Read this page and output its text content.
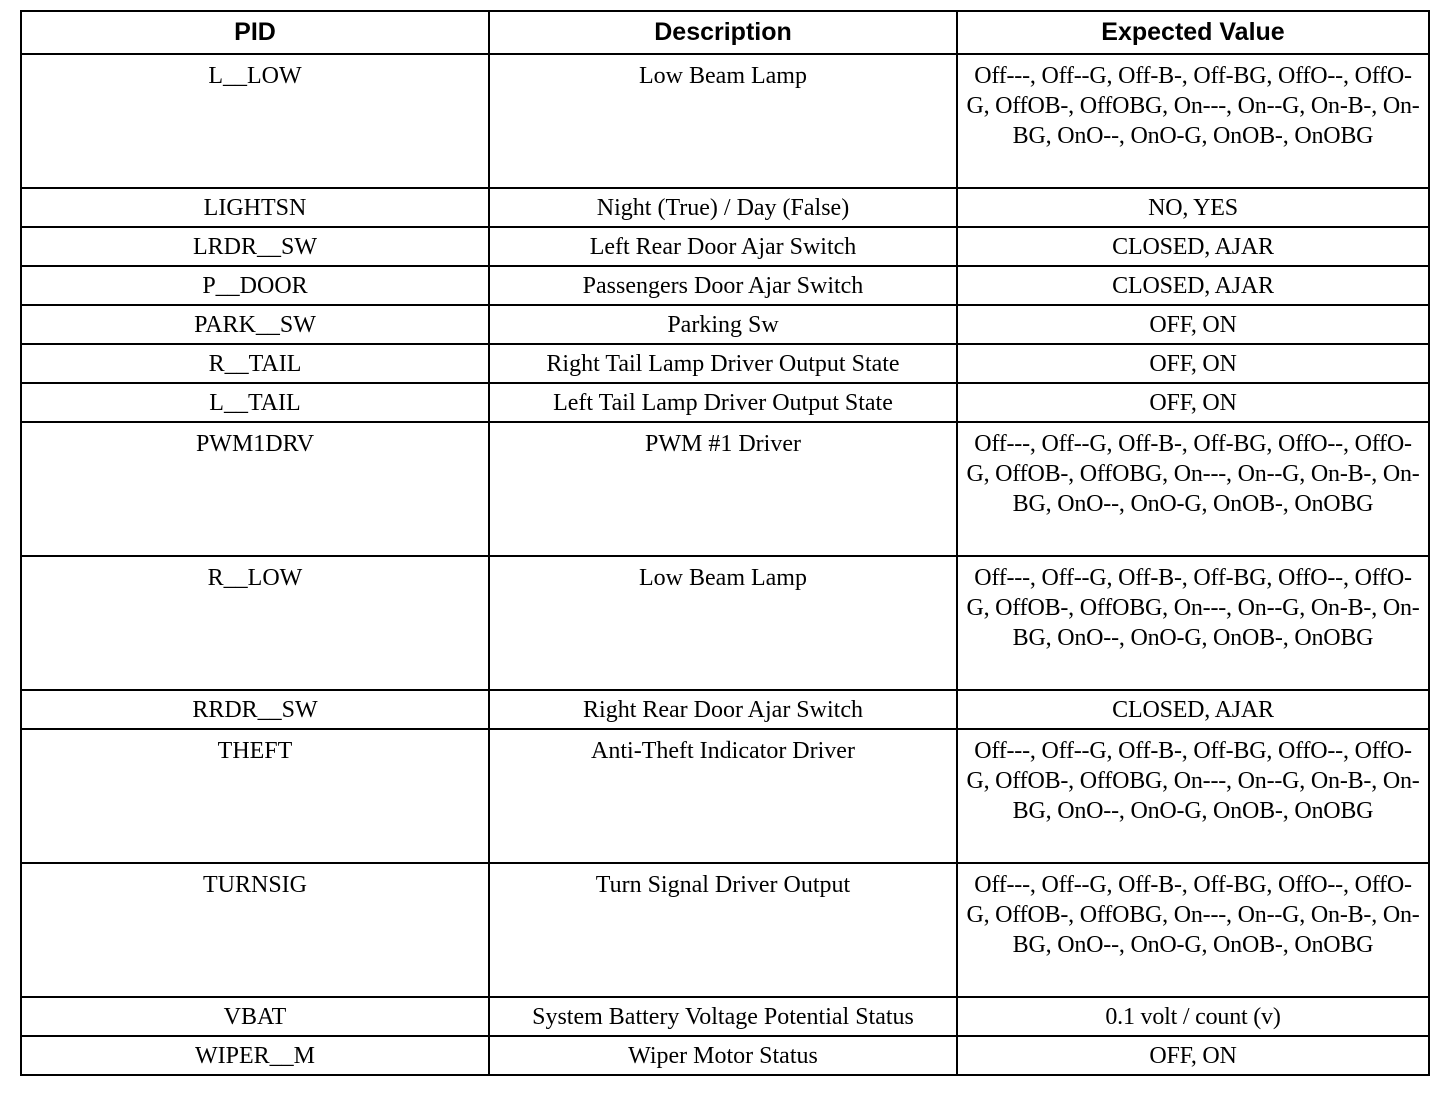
PID	Description	Expected Value
L__LOW	Low Beam Lamp	Off---, Off--G, Off-B-, Off-BG, OffO--, OffO-G, OffOB-, OffOBG, On---, On--G, On-B-, On-BG, OnO--, OnO-G, OnOB-, OnOBG
LIGHTSN	Night (True) / Day (False)	NO, YES
LRDR__SW	Left Rear Door Ajar Switch	CLOSED, AJAR
P__DOOR	Passengers Door Ajar Switch	CLOSED, AJAR
PARK__SW	Parking Sw	OFF, ON
R__TAIL	Right Tail Lamp Driver Output State	OFF, ON
L__TAIL	Left Tail Lamp Driver Output State	OFF, ON
PWM1DRV	PWM #1 Driver	Off---, Off--G, Off-B-, Off-BG, OffO--, OffO-G, OffOB-, OffOBG, On---, On--G, On-B-, On-BG, OnO--, OnO-G, OnOB-, OnOBG
R__LOW	Low Beam Lamp	Off---, Off--G, Off-B-, Off-BG, OffO--, OffO-G, OffOB-, OffOBG, On---, On--G, On-B-, On-BG, OnO--, OnO-G, OnOB-, OnOBG
RRDR__SW	Right Rear Door Ajar Switch	CLOSED, AJAR
THEFT	Anti-Theft Indicator Driver	Off---, Off--G, Off-B-, Off-BG, OffO--, OffO-G, OffOB-, OffOBG, On---, On--G, On-B-, On-BG, OnO--, OnO-G, OnOB-, OnOBG
TURNSIG	Turn Signal Driver Output	Off---, Off--G, Off-B-, Off-BG, OffO--, OffO-G, OffOB-, OffOBG, On---, On--G, On-B-, On-BG, OnO--, OnO-G, OnOB-, OnOBG
VBAT	System Battery Voltage Potential Status	0.1 volt / count (v)
WIPER__M	Wiper Motor Status	OFF, ON
